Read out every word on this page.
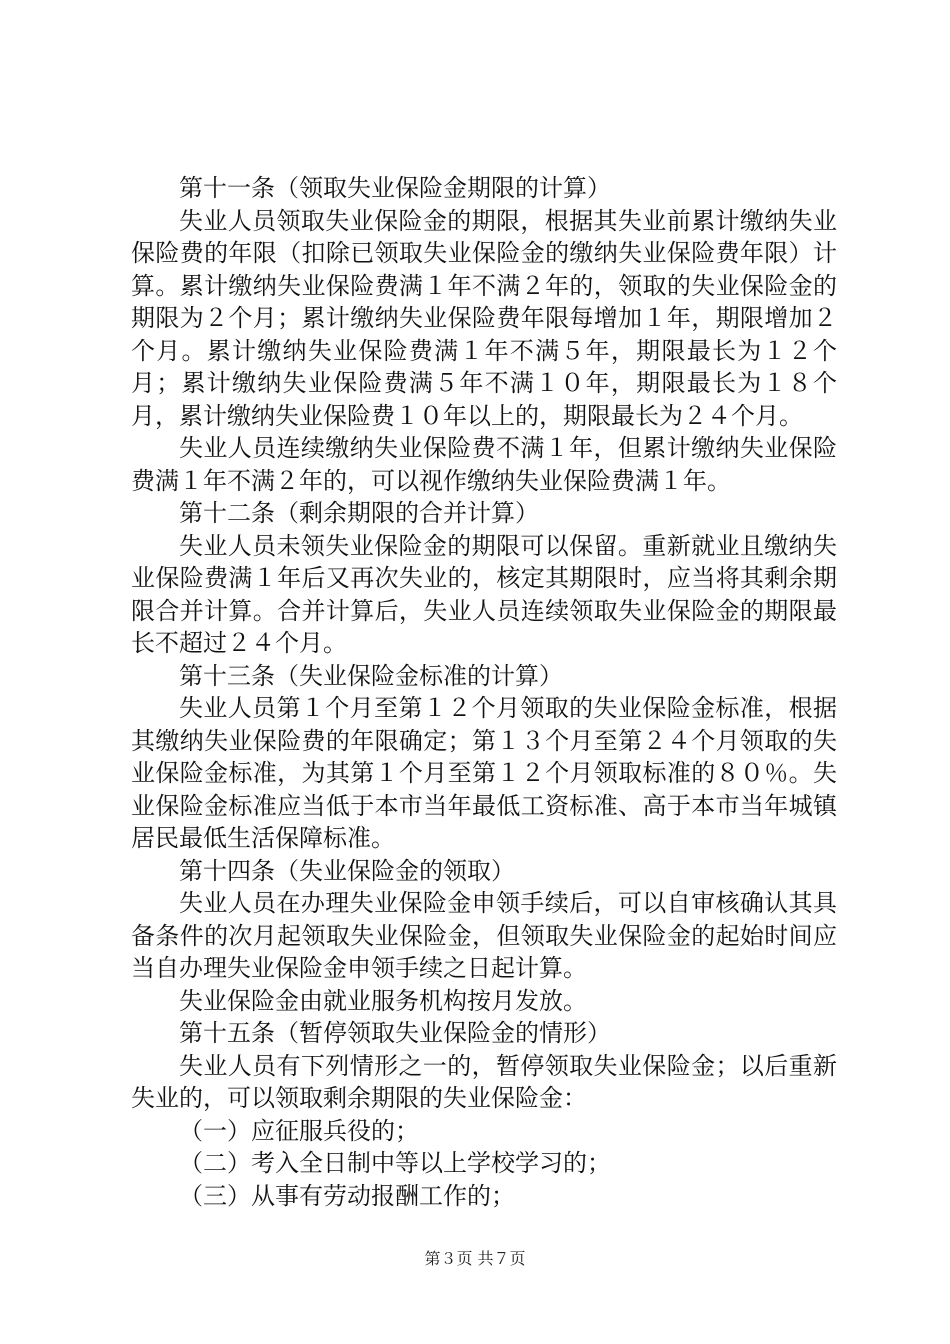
第十一条（领取失业保险金期限的计算）

失业人员领取失业保险金的期限，根据其失业前累计缴纳失业保险费的年限（扣除已领取失业保险金的缴纳失业保险费年限）计算。累计缴纳失业保险费满１年不满２年的，领取的失业保险金的期限为２个月；累计缴纳失业保险费年限每增加１年，期限增加２个月。累计缴纳失业保险费满１年不满５年，期限最长为１２个月；累计缴纳失业保险费满５年不满１０年，期限最长为１８个月，累计缴纳失业保险费１０年以上的，期限最长为２４个月。

失业人员连续缴纳失业保险费不满１年，但累计缴纳失业保险费满１年不满２年的，可以视作缴纳失业保险费满１年。

第十二条（剩余期限的合并计算）

失业人员未领失业保险金的期限可以保留。重新就业且缴纳失业保险费满１年后又再次失业的，核定其期限时，应当将其剩余期限合并计算。合并计算后，失业人员连续领取失业保险金的期限最长不超过２４个月。

第十三条（失业保险金标准的计算）

失业人员第１个月至第１２个月领取的失业保险金标准，根据其缴纳失业保险费的年限确定；第１３个月至第２４个月领取的失业保险金标准，为其第１个月至第１２个月领取标准的８０％。失业保险金标准应当低于本市当年最低工资标准、高于本市当年城镇居民最低生活保障标准。

第十四条（失业保险金的领取）

失业人员在办理失业保险金申领手续后，可以自审核确认其具备条件的次月起领取失业保险金，但领取失业保险金的起始时间应当自办理失业保险金申领手续之日起计算。

失业保险金由就业服务机构按月发放。

第十五条（暂停领取失业保险金的情形）

失业人员有下列情形之一的，暂停领取失业保险金；以后重新失业的，可以领取剩余期限的失业保险金：

（一）应征服兵役的；

（二）考入全日制中等以上学校学习的；

（三）从事有劳动报酬工作的；

第３页 共７页
